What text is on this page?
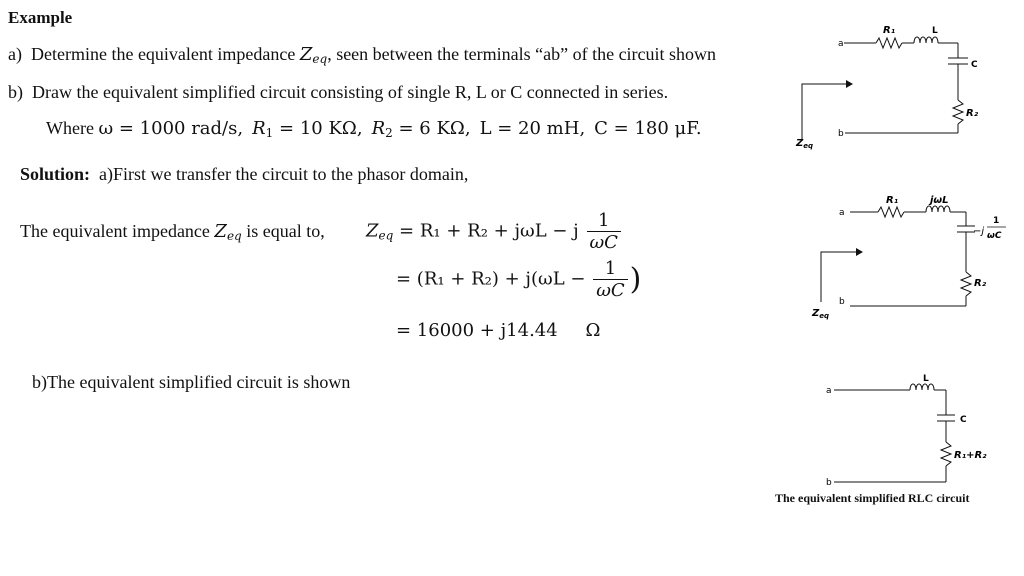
Example
a) Determine the equivalent impedance $Z_{eq}$, seen between the terminals “ab” of the circuit shown
b) Draw the equivalent simplified circuit consisting of single R, L or C connected in series.
Where ω = 1000 rad/s, $R_1 = 10$ KΩ, $R_2 = 6$ KΩ, L = 20 mH, C = 180 μF.
Solution: a)First we transfer the circuit to the phasor domain,
The equivalent impedance $Z_{eq}$ is equal to, $Z_{eq} = R_1 + R_2 + j\omega L - j \frac{1}{\omega C}$
= $(R_1 + R_2) + j(\omega L - \frac{1}{\omega C}$ )
= 16000 + j14.44 Ω
b)The equivalent simplified circuit is shown
a
b
R₁	L
C
R₂
$Z_{eq}$
a
b
R₁	jωL
−j
1
ωC
R₂
$Z_{eq}$
a
b
L
C
R₁+R₂
The equivalent simplified RLC circuit
